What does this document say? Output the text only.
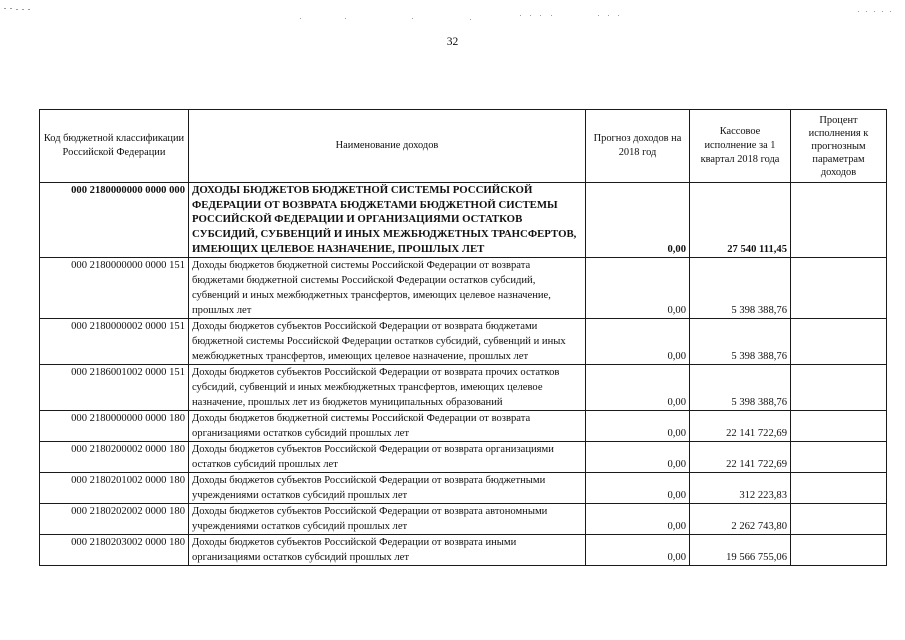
32
Код бюджетной классификации Российской Федерации	Наименование доходов	Прогноз доходов на 2018 год	Кассовое исполнение за 1 квартал 2018 года	Процент исполнения к прогнозным параметрам доходов
000 2180000000 0000 000	ДОХОДЫ БЮДЖЕТОВ БЮДЖЕТНОЙ СИСТЕМЫ РОССИЙСКОЙ ФЕДЕРАЦИИ ОТ ВОЗВРАТА БЮДЖЕТАМИ БЮДЖЕТНОЙ СИСТЕМЫ РОССИЙСКОЙ ФЕДЕРАЦИИ И ОРГАНИЗАЦИЯМИ ОСТАТКОВ СУБСИДИЙ, СУБВЕНЦИЙ И ИНЫХ МЕЖБЮДЖЕТНЫХ ТРАНСФЕРТОВ, ИМЕЮЩИХ ЦЕЛЕВОЕ НАЗНАЧЕНИЕ, ПРОШЛЫХ ЛЕТ	0,00	27 540 111,45	
000 2180000000 0000 151	Доходы бюджетов бюджетной системы Российской Федерации от возврата бюджетами бюджетной системы Российской Федерации остатков субсидий, субвенций и иных межбюджетных трансфертов, имеющих целевое назначение, прошлых лет	0,00	5 398 388,76	
000 2180000002 0000 151	Доходы бюджетов субъектов Российской Федерации от возврата бюджетами бюджетной системы Российской Федерации остатков субсидий, субвенций и иных межбюджетных трансфертов, имеющих целевое назначение, прошлых лет	0,00	5 398 388,76	
000 2186001002 0000 151	Доходы бюджетов субъектов Российской Федерации от возврата прочих остатков субсидий, субвенций и иных межбюджетных трансфертов, имеющих целевое назначение, прошлых лет из бюджетов муниципальных образований	0,00	5 398 388,76	
000 2180000000 0000 180	Доходы бюджетов бюджетной системы Российской Федерации от возврата организациями остатков субсидий прошлых лет	0,00	22 141 722,69	
000 2180200002 0000 180	Доходы бюджетов субъектов Российской Федерации от возврата организациями остатков субсидий прошлых лет	0,00	22 141 722,69	
000 2180201002 0000 180	Доходы бюджетов субъектов Российской Федерации от возврата бюджетными учреждениями остатков субсидий прошлых лет	0,00	312 223,83	
000 2180202002 0000 180	Доходы бюджетов субъектов Российской Федерации от возврата автономными учреждениями остатков субсидий прошлых лет	0,00	2 262 743,80	
000 2180203002 0000 180	Доходы бюджетов субъектов Российской Федерации от возврата иными организациями остатков субсидий прошлых лет	0,00	19 566 755,06	
